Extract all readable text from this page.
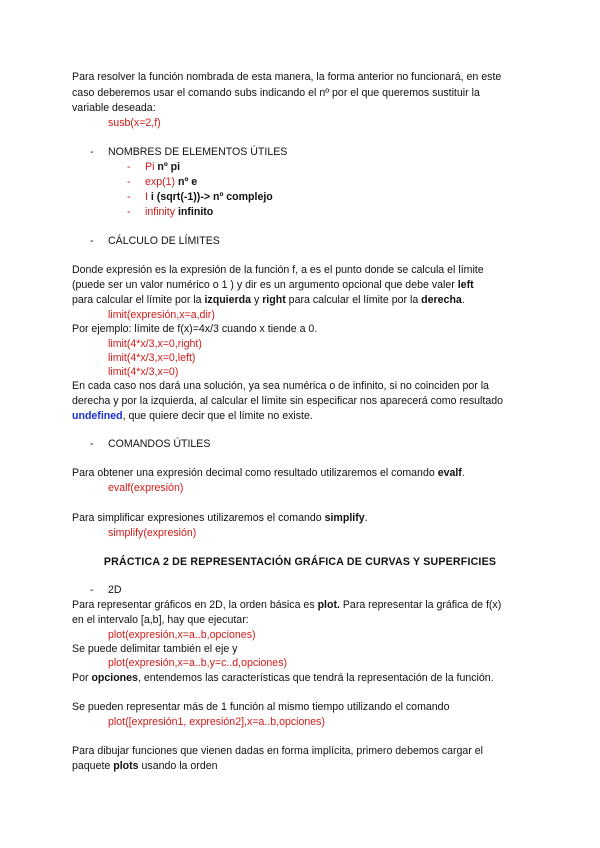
Para resolver la función nombrada de esta manera, la forma anterior no funcionará, en este
caso deberemos usar el comando subs indicando el nº por el que queremos sustituir la
variable deseada:
susb(x=2,f)
- NOMBRES DE ELEMENTOS ÚTILES
- Pi nº pi
- exp(1) nº e
- I i (sqrt(-1))-> nº complejo
- infinity infinito
- CÁLCULO DE LÍMITES
Donde expresión es la expresión de la función f, a es el punto donde se calcula el límite
(puede ser un valor numérico o 1 ) y dir es un argumento opcional que debe valer left
para calcular el límite por la izquierda y right para calcular el límite por la derecha.
limit(expresión,x=a,dir)
Por ejemplo: límite de f(x)=4x/3 cuando x tiende a 0.
limit(4*x/3,x=0,right)
limit(4*x/3,x=0,left)
limit(4*x/3,x=0)
En cada caso nos dará una solución, ya sea numérica o de infinito, si no coinciden por la
derecha y por la izquierda, al calcular el límite sin especificar nos aparecerá como resultado
undefined, que quiere decir que el límite no existe.
- COMANDOS ÚTILES
Para obtener una expresión decimal como resultado utilizaremos el comando evalf.
evalf(expresión)
Para simplificar expresiones utilizaremos el comando simplify.
simplify(expresión)
PRÁCTICA 2 DE REPRESENTACIÓN GRÁFICA DE CURVAS Y SUPERFICIES
- 2D
Para representar gráficos en 2D, la orden básica es plot. Para representar la gráfica de f(x)
en el intervalo [a,b], hay que ejecutar:
plot(expresión,x=a..b,opciones)
Se puede delimitar también el eje y
plot(expresión,x=a..b,y=c..d,opciones)
Por opciones, entendemos las características que tendrá la representación de la función.
Se pueden representar más de 1 función al mismo tiempo utilizando el comando
plot([expresión1, expresión2],x=a..b,opciones)
Para dibujar funciones que vienen dadas en forma implícita, primero debemos cargar el
paquete plots usando la orden
